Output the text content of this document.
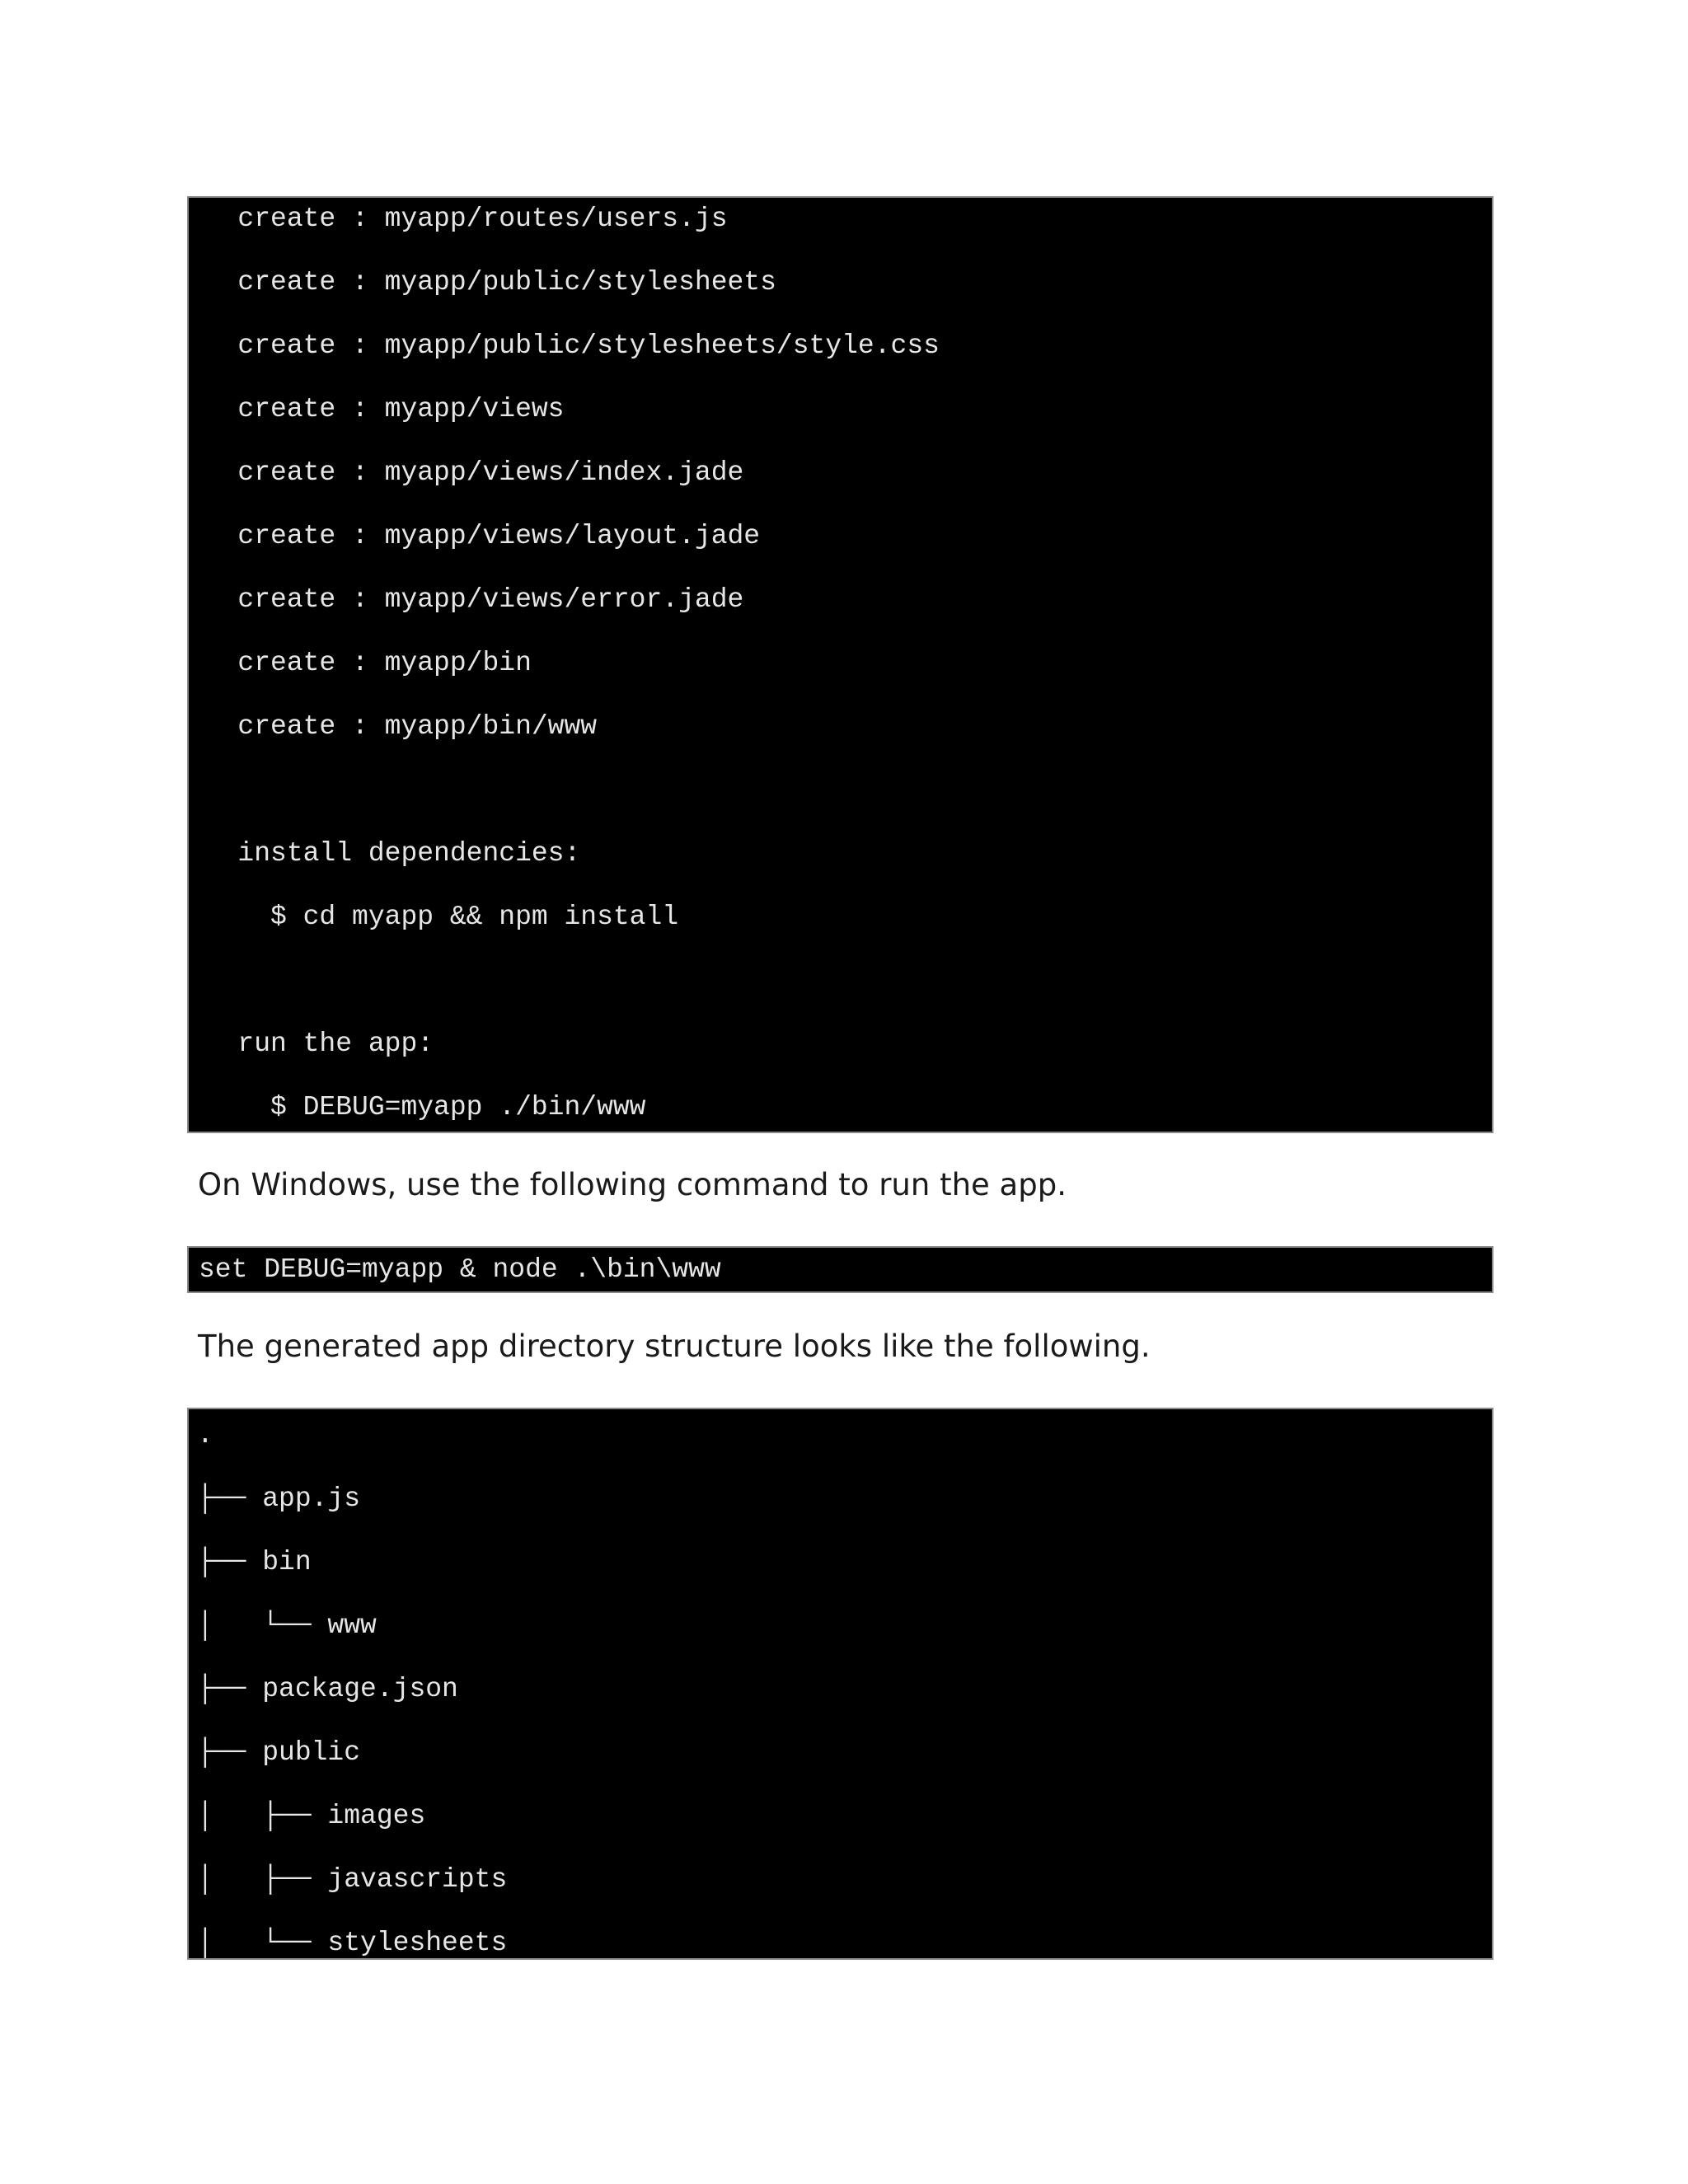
create : myapp/routes/users.js
create : myapp/public/stylesheets
create : myapp/public/stylesheets/style.css
create : myapp/views
create : myapp/views/index.jade
create : myapp/views/layout.jade
create : myapp/views/error.jade
create : myapp/bin
create : myapp/bin/www
install dependencies:
$ cd myapp && npm install
run the app:
$ DEBUG=myapp ./bin/www
On Windows, use the following command to run the app.
set DEBUG=myapp & node .\bin\www
The generated app directory structure looks like the following.
.
├── app.js
├── bin
│   └── www
├── package.json
├── public
│   ├── images
│   ├── javascripts
│   └── stylesheets
